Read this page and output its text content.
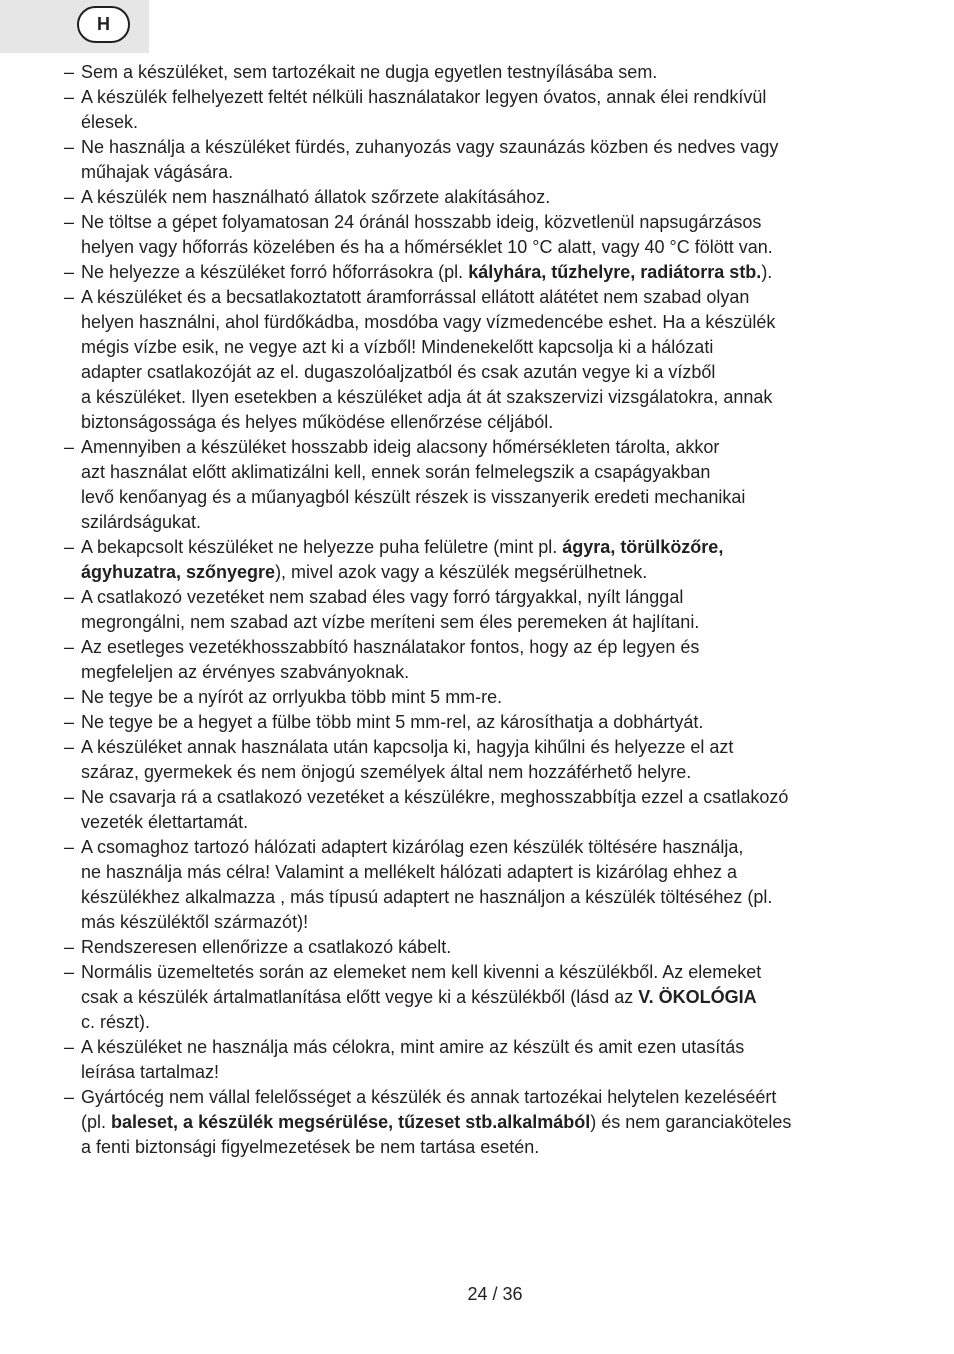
H
– Sem a készüléket, sem tartozékait ne dugja egyetlen testnyílásába sem.
– A készülék felhelyezett feltét nélküli használatakor legyen óvatos, annak élei rendkívül
élesek.
– Ne használja a készüléket fürdés, zuhanyozás vagy szaunázás közben és nedves vagy
műhajak vágására.
– A készülék nem használható állatok szőrzete alakításához.
– Ne töltse a gépet folyamatosan 24 óránál hosszabb ideig, közvetlenül napsugárzásos
helyen vagy hőforrás közelében és ha a hőmérséklet 10 °C alatt, vagy 40 °C fölött van.
– Ne helyezze a készüléket forró hőforrásokra (pl. kályhára, tűzhelyre, radiátorra stb.).
– A készüléket és a becsatlakoztatott áramforrással ellátott alátétet nem szabad olyan
helyen használni, ahol fürdőkádba, mosdóba vagy vízmedencébe eshet. Ha a készülék
mégis vízbe esik, ne vegye azt ki a vízből! Mindenekelőtt kapcsolja ki a hálózati
adapter csatlakozóját az el. dugaszolóaljzatból és csak azután vegye ki a vízből
a készüléket. Ilyen esetekben a készüléket adja át át szakszervizi vizsgálatokra, annak
biztonságossága és helyes működése ellenőrzése céljából.
– Amennyiben a készüléket hosszabb ideig alacsony hőmérsékleten tárolta, akkor
azt használat előtt aklimatizálni kell, ennek során felmelegszik a csapágyakban
levő kenőanyag és a műanyagból készült részek is visszanyerik eredeti mechanikai
szilárdságukat.
– A bekapcsolt készüléket ne helyezze puha felületre (mint pl. ágyra, törülközőre,
ágyhuzatra, szőnyegre), mivel azok vagy a készülék megsérülhetnek.
– A csatlakozó vezetéket nem szabad éles vagy forró tárgyakkal, nyílt lánggal
megrongálni, nem szabad azt vízbe meríteni sem éles peremeken át hajlítani.
– Az esetleges vezetékhosszabbító használatakor fontos, hogy az ép legyen és
megfeleljen az érvényes szabványoknak.
– Ne tegye be a nyírót az orrlyukba több mint 5 mm-re.
– Ne tegye be a hegyet a fülbe több mint 5 mm-rel, az károsíthatja a dobhártyát.
– A készüléket annak használata után kapcsolja ki, hagyja kihűlni és helyezze el azt
száraz, gyermekek és nem önjogú személyek által nem hozzáférhető helyre.
– Ne csavarja rá a csatlakozó vezetéket a készülékre, meghosszabbítja ezzel a csatlakozó
vezeték élettartamát.
– A csomaghoz tartozó hálózati adaptert kizárólag ezen készülék töltésére használja,
ne használja más célra! Valamint a mellékelt hálózati adaptert is kizárólag ehhez a
készülékhez alkalmazza , más típusú adaptert ne használjon a készülék töltéséhez (pl.
más készüléktől származót)!
– Rendszeresen ellenőrizze a csatlakozó kábelt.
– Normális üzemeltetés során az elemeket nem kell kivenni a készülékből. Az elemeket
csak a készülék ártalmatlanítása előtt vegye ki a készülékből (lásd az V. ÖKOLÓGIA
c. részt).
– A készüléket ne használja más célokra, mint amire az készült és amit ezen utasítás
leírása tartalmaz!
– Gyártócég nem vállal felelősséget a készülék és annak tartozékai helytelen kezeléséért
(pl. baleset, a készülék megsérülése, tűzeset stb.alkalmából) és nem garanciaköteles
a fenti biztonsági figyelmezetések be nem tartása esetén.
24 / 36
